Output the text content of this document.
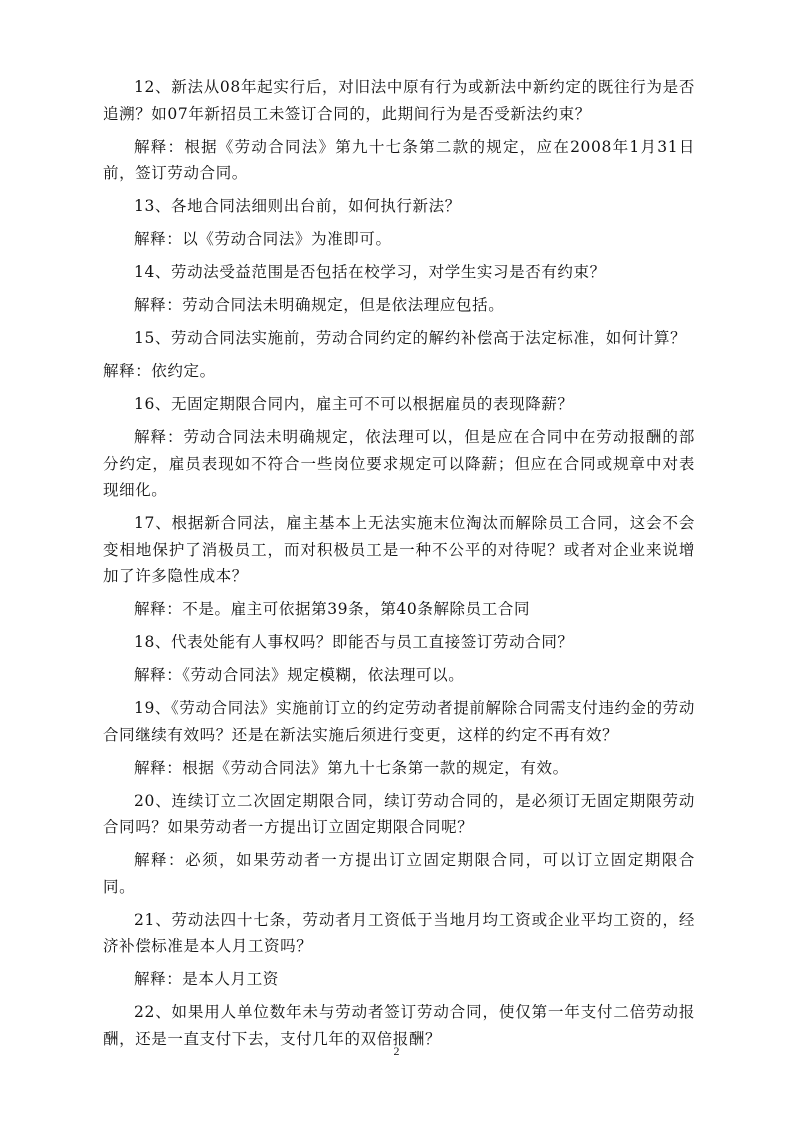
12、新法从08年起实行后，对旧法中原有行为或新法中新约定的既往行为是否追溯？如07年新招员工未签订合同的，此期间行为是否受新法约束？

解释：根据《劳动合同法》第九十七条第二款的规定，应在2008年1月31日前，签订劳动合同。

13、各地合同法细则出台前，如何执行新法？

解释：以《劳动合同法》为准即可。

14、劳动法受益范围是否包括在校学习，对学生实习是否有约束？

解释：劳动合同法未明确规定，但是依法理应包括。

15、劳动合同法实施前，劳动合同约定的解约补偿高于法定标准，如何计算？

解释：依约定。

16、无固定期限合同内，雇主可不可以根据雇员的表现降薪？

解释：劳动合同法未明确规定，依法理可以，但是应在合同中在劳动报酬的部分约定，雇员表现如不符合一些岗位要求规定可以降薪；但应在合同或规章中对表现细化。

17、根据新合同法，雇主基本上无法实施末位淘汰而解除员工合同，这会不会变相地保护了消极员工，而对积极员工是一种不公平的对待呢？或者对企业来说增加了许多隐性成本？

解释：不是。雇主可依据第39条，第40条解除员工合同

18、代表处能有人事权吗？即能否与员工直接签订劳动合同？

解释：《劳动合同法》规定模糊，依法理可以。

19、《劳动合同法》实施前订立的约定劳动者提前解除合同需支付违约金的劳动合同继续有效吗？还是在新法实施后须进行变更，这样的约定不再有效？

解释：根据《劳动合同法》第九十七条第一款的规定，有效。

20、连续订立二次固定期限合同，续订劳动合同的，是必须订无固定期限劳动合同吗？如果劳动者一方提出订立固定期限合同呢？

解释：必须，如果劳动者一方提出订立固定期限合同，可以订立固定期限合同。

21、劳动法四十七条，劳动者月工资低于当地月均工资或企业平均工资的，经济补偿标准是本人月工资吗？

解释：是本人月工资

22、如果用人单位数年未与劳动者签订劳动合同，使仅第一年支付二倍劳动报酬，还是一直支付下去，支付几年的双倍报酬？

2
